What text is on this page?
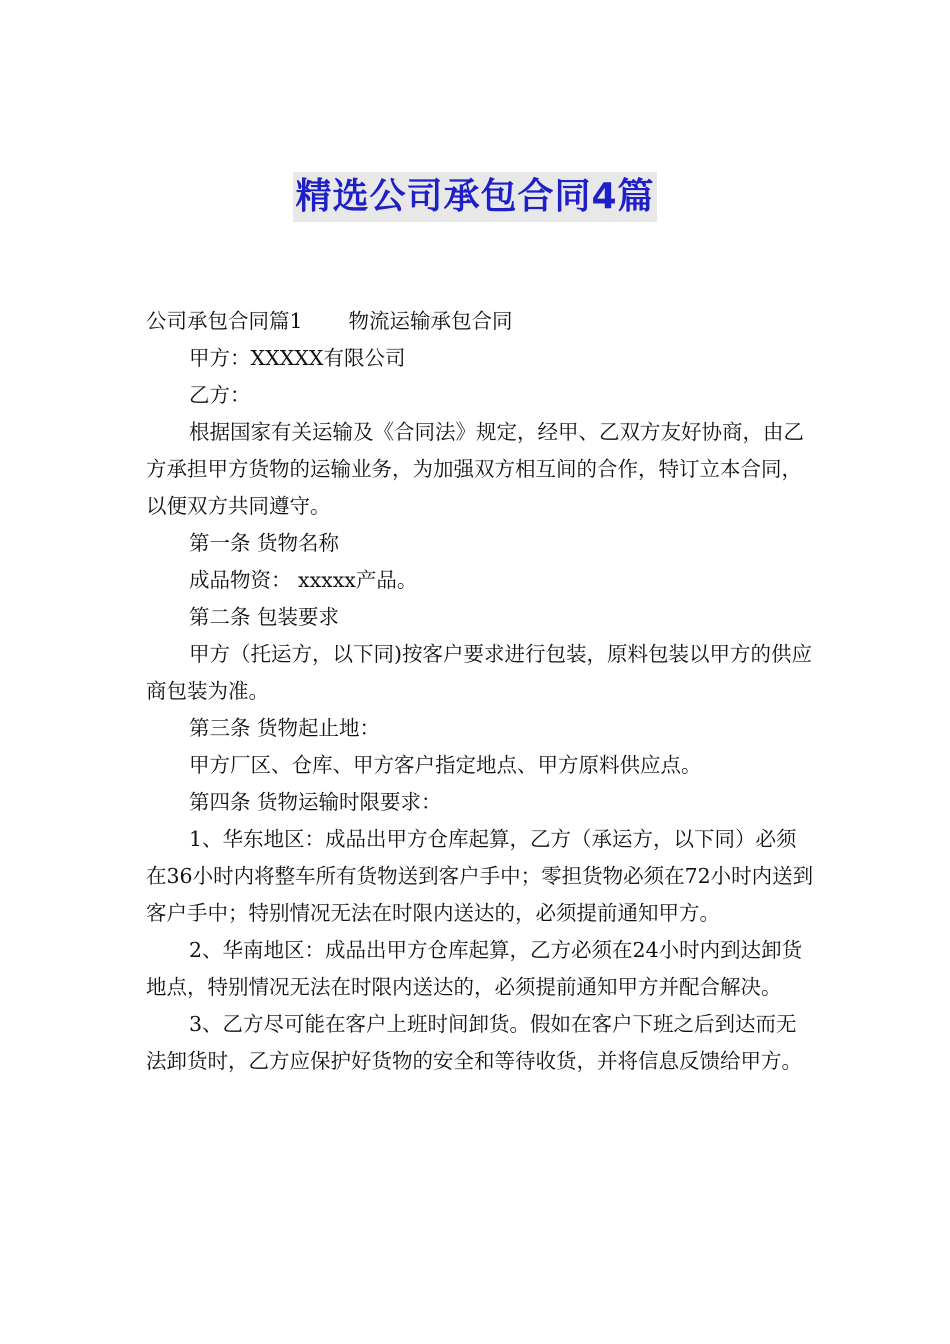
精选公司承包合同4篇

公司承包合同篇1 物流运输承包合同

甲方：XXXXX有限公司

乙方：

根据国家有关运输及《合同法》规定，经甲、乙双方友好协商，由乙方承担甲方货物的运输业务，为加强双方相互间的合作，特订立本合同，以便双方共同遵守。

第一条 货物名称

成品物资： xxxxx产品。

第二条 包装要求

甲方（托运方，以下同)按客户要求进行包装，原料包装以甲方的供应商包装为准。

第三条 货物起止地：

甲方厂区、仓库、甲方客户指定地点、甲方原料供应点。

第四条 货物运输时限要求：

1、华东地区：成品出甲方仓库起算，乙方（承运方，以下同）必须在36小时内将整车所有货物送到客户手中；零担货物必须在72小时内送到客户手中；特别情况无法在时限内送达的，必须提前通知甲方。

2、华南地区：成品出甲方仓库起算，乙方必须在24小时内到达卸货地点，特别情况无法在时限内送达的，必须提前通知甲方并配合解决。

3、乙方尽可能在客户上班时间卸货。假如在客户下班之后到达而无法卸货时，乙方应保护好货物的安全和等待收货，并将信息反馈给甲方。
